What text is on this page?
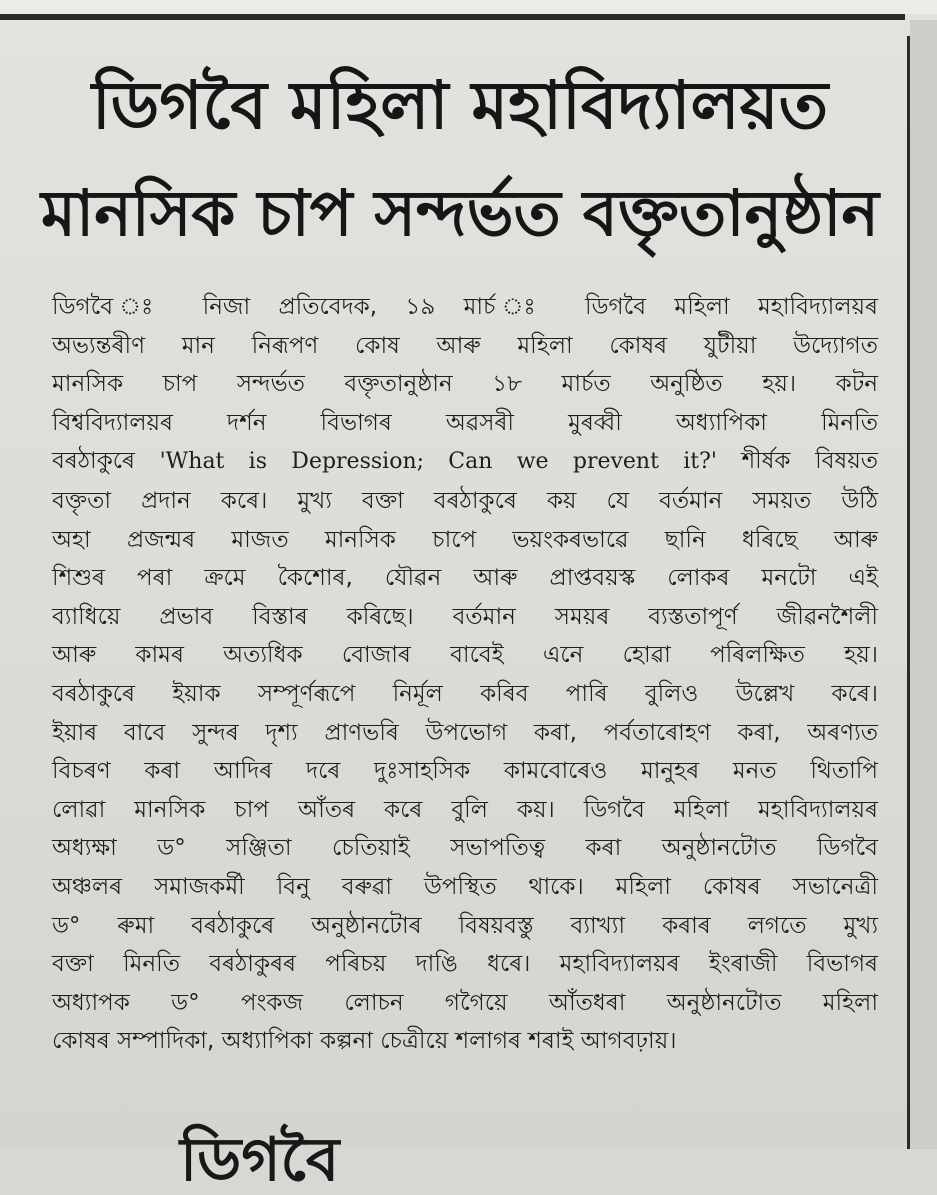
ডিগবৈ মহিলা মহাবিদ্যালয়ত
মানসিক চাপ সন্দৰ্ভত বক্তৃতানুষ্ঠান
ডিগবৈ ঃ নিজা প্ৰতিবেদক, ১৯ মাৰ্চ ঃ ডিগবৈ মহিলা মহাবিদ্যালয়ৰ
অভ্যন্তৰীণ মান নিৰূপণ কোষ আৰু মহিলা কোষৰ যুটীয়া উদ্যোগত
মানসিক চাপ সন্দৰ্ভত বক্তৃতানুষ্ঠান ১৮ মাৰ্চত অনুষ্ঠিত হয়। কটন
বিশ্ববিদ্যালয়ৰ দৰ্শন বিভাগৰ অৱসৰী মুৰব্বী অধ্যাপিকা মিনতি
বৰঠাকুৰে 'What is Depression; Can we prevent it?' শীৰ্ষক বিষয়ত
বক্তৃতা প্ৰদান কৰে। মুখ্য বক্তা বৰঠাকুৰে কয় যে বৰ্তমান সময়ত উঠি
অহা প্ৰজন্মৰ মাজত মানসিক চাপে ভয়ংকৰভাৱে ছানি ধৰিছে আৰু
শিশুৰ পৰা ক্ৰমে কৈশোৰ, যৌৱন আৰু প্ৰাপ্তবয়স্ক লোকৰ মনটো এই
ব্যাধিয়ে প্ৰভাব বিস্তাৰ কৰিছে। বৰ্তমান সময়ৰ ব্যস্ততাপূৰ্ণ জীৱনশৈলী
আৰু কামৰ অত্যধিক বোজাৰ বাবেই এনে হোৱা পৰিলক্ষিত হয়।
বৰঠাকুৰে ইয়াক সম্পূৰ্ণৰূপে নিৰ্মূল কৰিব পাৰি বুলিও উল্লেখ কৰে।
ইয়াৰ বাবে সুন্দৰ দৃশ্য প্ৰাণভৰি উপভোগ কৰা, পৰ্বতাৰোহণ কৰা, অৰণ্যত
বিচৰণ কৰা আদিৰ দৰে দুঃসাহসিক কামবোৰেও মানুহৰ মনত থিতাপি
লোৱা মানসিক চাপ আঁতৰ কৰে বুলি কয়। ডিগবৈ মহিলা মহাবিদ্যালয়ৰ
অধ্যক্ষা ড° সঞ্জিতা চেতিয়াই সভাপতিত্ব কৰা অনুষ্ঠানটোত ডিগবৈ
অঞ্চলৰ সমাজকৰ্মী বিনু বৰুৱা উপস্থিত থাকে। মহিলা কোষৰ সভানেত্ৰী
ড° ৰুমা বৰঠাকুৰে অনুষ্ঠানটোৰ বিষয়বস্তু ব্যাখ্যা কৰাৰ লগতে মুখ্য
বক্তা মিনতি বৰঠাকুৰৰ পৰিচয় দাঙি ধৰে। মহাবিদ্যালয়ৰ ইংৰাজী বিভাগৰ
অধ্যাপক ড° পংকজ লোচন গগৈয়ে আঁতধৰা অনুষ্ঠানটোত মহিলা
কোষৰ সম্পাদিকা, অধ্যাপিকা কল্পনা চেত্ৰীয়ে শলাগৰ শৰাই আগবঢ়ায়।
ডিগবৈ
